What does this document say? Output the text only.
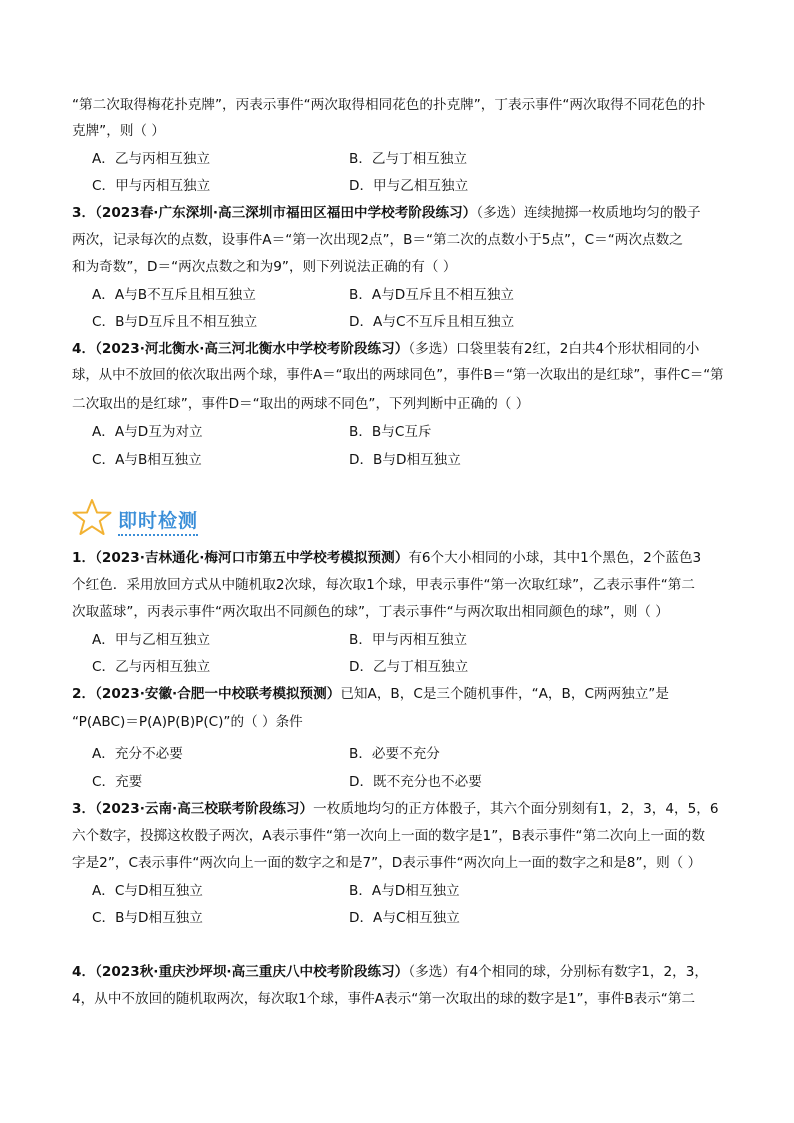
“第二次取得梅花扑克牌”，丙表示事件“两次取得相同花色的扑克牌”，丁表示事件“两次取得不同花色的扑
克牌”，则（ ）
A．乙与丙相互独立	B．乙与丁相互独立
C．甲与丙相互独立	D．甲与乙相互独立
3．（2023春·广东深圳·高三深圳市福田区福田中学校考阶段练习）（多选）连续抛掷一枚质地均匀的骰子
两次，记录每次的点数，设事件A＝“第一次出现2点”，B＝“第二次的点数小于5点”，C＝“两次点数之
和为奇数”，D＝“两次点数之和为9”，则下列说法正确的有（ ）
A．A与B不互斥且相互独立	B．A与D互斥且不相互独立
C．B与D互斥且不相互独立	D．A与C不互斥且相互独立
4．（2023·河北衡水·高三河北衡水中学校考阶段练习）（多选）口袋里装有2红，2白共4个形状相同的小
球，从中不放回的依次取出两个球，事件A＝“取出的两球同色”，事件B＝“第一次取出的是红球”，事件C＝“第
二次取出的是红球”，事件D＝“取出的两球不同色”，下列判断中正确的（ ）
A．A与D互为对立	B．B与C互斥
C．A与B相互独立	D．B与D相互独立
即时检测
1．（2023·吉林通化·梅河口市第五中学校考模拟预测）有6个大小相同的小球，其中1个黑色，2个蓝色3
个红色．采用放回方式从中随机取2次球，每次取1个球，甲表示事件“第一次取红球”，乙表示事件“第二
次取蓝球”，丙表示事件“两次取出不同颜色的球”，丁表示事件“与两次取出相同颜色的球”，则（ ）
A．甲与乙相互独立	B．甲与丙相互独立
C．乙与丙相互独立	D．乙与丁相互独立
2．（2023·安徽·合肥一中校联考模拟预测）已知A，B，C是三个随机事件，“A，B，C两两独立”是
“P(ABC)＝P(A)P(B)P(C)”的（ ）条件
A．充分不必要	B．必要不充分
C．充要	D．既不充分也不必要
3．（2023·云南·高三校联考阶段练习）一枚质地均匀的正方体骰子，其六个面分别刻有1，2，3，4，5，6
六个数字，投掷这枚骰子两次，A表示事件“第一次向上一面的数字是1”，B表示事件“第二次向上一面的数
字是2”，C表示事件“两次向上一面的数字之和是7”，D表示事件“两次向上一面的数字之和是8”，则（ ）
A．C与D相互独立	B．A与D相互独立
C．B与D相互独立	D．A与C相互独立
4．（2023秋·重庆沙坪坝·高三重庆八中校考阶段练习）（多选）有4个相同的球，分别标有数字1，2，3，
4，从中不放回的随机取两次，每次取1个球，事件A表示“第一次取出的球的数字是1”，事件B表示“第二
